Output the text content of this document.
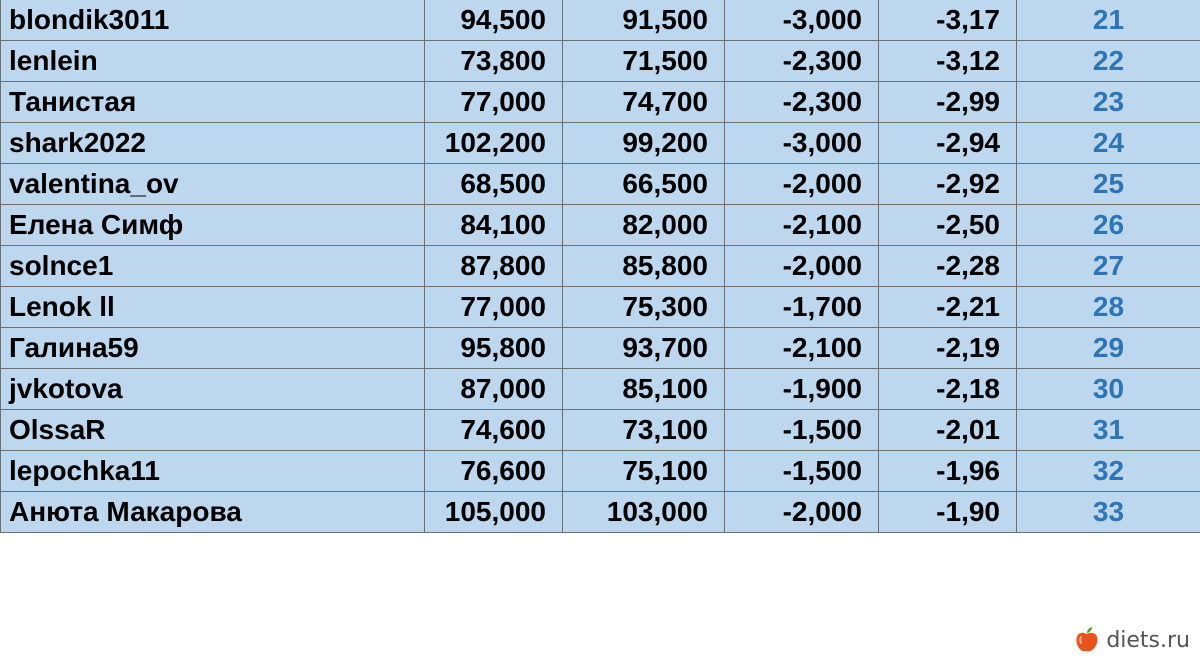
blondik3011	94,500	91,500	-3,000	-3,17	21
lenlein	73,800	71,500	-2,300	-3,12	22
Танистая	77,000	74,700	-2,300	-2,99	23
shark2022	102,200	99,200	-3,000	-2,94	24
valentina_ov	68,500	66,500	-2,000	-2,92	25
Елена Симф	84,100	82,000	-2,100	-2,50	26
solnce1	87,800	85,800	-2,000	-2,28	27
Lenok ll	77,000	75,300	-1,700	-2,21	28
Галина59	95,800	93,700	-2,100	-2,19	29
jvkotova	87,000	85,100	-1,900	-2,18	30
OlssaR	74,600	73,100	-1,500	-2,01	31
lepochka11	76,600	75,100	-1,500	-1,96	32
Анюта Макарова	105,000	103,000	-2,000	-1,90	33
diets.ru
